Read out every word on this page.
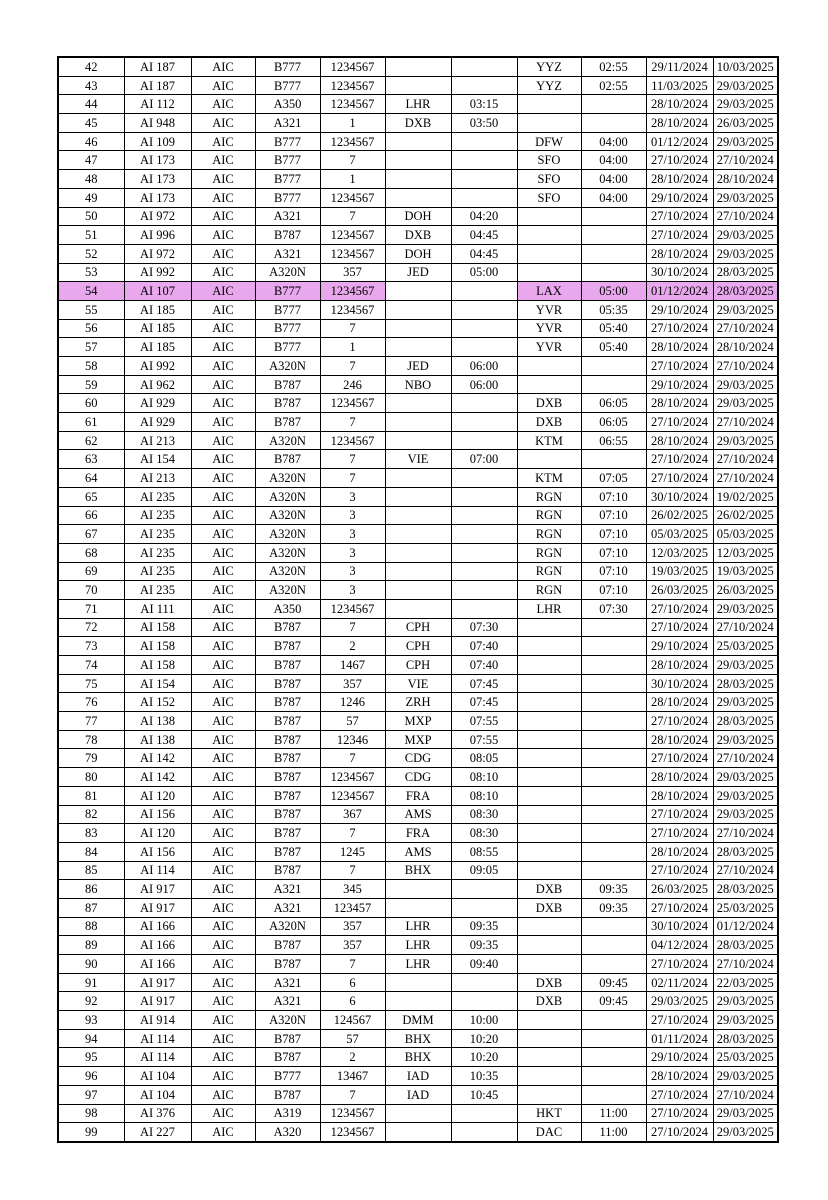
42	AI 187	AIC	B777	1234567			YYZ	02:55	29/11/2024	10/03/2025
43	AI 187	AIC	B777	1234567			YYZ	02:55	11/03/2025	29/03/2025
44	AI 112	AIC	A350	1234567	LHR	03:15			28/10/2024	29/03/2025
45	AI 948	AIC	A321	1	DXB	03:50			28/10/2024	26/03/2025
46	AI 109	AIC	B777	1234567			DFW	04:00	01/12/2024	29/03/2025
47	AI 173	AIC	B777	7			SFO	04:00	27/10/2024	27/10/2024
48	AI 173	AIC	B777	1			SFO	04:00	28/10/2024	28/10/2024
49	AI 173	AIC	B777	1234567			SFO	04:00	29/10/2024	29/03/2025
50	AI 972	AIC	A321	7	DOH	04:20			27/10/2024	27/10/2024
51	AI 996	AIC	B787	1234567	DXB	04:45			27/10/2024	29/03/2025
52	AI 972	AIC	A321	1234567	DOH	04:45			28/10/2024	29/03/2025
53	AI 992	AIC	A320N	357	JED	05:00			30/10/2024	28/03/2025
54	AI 107	AIC	B777	1234567			LAX	05:00	01/12/2024	28/03/2025
55	AI 185	AIC	B777	1234567			YVR	05:35	29/10/2024	29/03/2025
56	AI 185	AIC	B777	7			YVR	05:40	27/10/2024	27/10/2024
57	AI 185	AIC	B777	1			YVR	05:40	28/10/2024	28/10/2024
58	AI 992	AIC	A320N	7	JED	06:00			27/10/2024	27/10/2024
59	AI 962	AIC	B787	246	NBO	06:00			29/10/2024	29/03/2025
60	AI 929	AIC	B787	1234567			DXB	06:05	28/10/2024	29/03/2025
61	AI 929	AIC	B787	7			DXB	06:05	27/10/2024	27/10/2024
62	AI 213	AIC	A320N	1234567			KTM	06:55	28/10/2024	29/03/2025
63	AI 154	AIC	B787	7	VIE	07:00			27/10/2024	27/10/2024
64	AI 213	AIC	A320N	7			KTM	07:05	27/10/2024	27/10/2024
65	AI 235	AIC	A320N	3			RGN	07:10	30/10/2024	19/02/2025
66	AI 235	AIC	A320N	3			RGN	07:10	26/02/2025	26/02/2025
67	AI 235	AIC	A320N	3			RGN	07:10	05/03/2025	05/03/2025
68	AI 235	AIC	A320N	3			RGN	07:10	12/03/2025	12/03/2025
69	AI 235	AIC	A320N	3			RGN	07:10	19/03/2025	19/03/2025
70	AI 235	AIC	A320N	3			RGN	07:10	26/03/2025	26/03/2025
71	AI 111	AIC	A350	1234567			LHR	07:30	27/10/2024	29/03/2025
72	AI 158	AIC	B787	7	CPH	07:30			27/10/2024	27/10/2024
73	AI 158	AIC	B787	2	CPH	07:40			29/10/2024	25/03/2025
74	AI 158	AIC	B787	1467	CPH	07:40			28/10/2024	29/03/2025
75	AI 154	AIC	B787	357	VIE	07:45			30/10/2024	28/03/2025
76	AI 152	AIC	B787	1246	ZRH	07:45			28/10/2024	29/03/2025
77	AI 138	AIC	B787	57	MXP	07:55			27/10/2024	28/03/2025
78	AI 138	AIC	B787	12346	MXP	07:55			28/10/2024	29/03/2025
79	AI 142	AIC	B787	7	CDG	08:05			27/10/2024	27/10/2024
80	AI 142	AIC	B787	1234567	CDG	08:10			28/10/2024	29/03/2025
81	AI 120	AIC	B787	1234567	FRA	08:10			28/10/2024	29/03/2025
82	AI 156	AIC	B787	367	AMS	08:30			27/10/2024	29/03/2025
83	AI 120	AIC	B787	7	FRA	08:30			27/10/2024	27/10/2024
84	AI 156	AIC	B787	1245	AMS	08:55			28/10/2024	28/03/2025
85	AI 114	AIC	B787	7	BHX	09:05			27/10/2024	27/10/2024
86	AI 917	AIC	A321	345			DXB	09:35	26/03/2025	28/03/2025
87	AI 917	AIC	A321	123457			DXB	09:35	27/10/2024	25/03/2025
88	AI 166	AIC	A320N	357	LHR	09:35			30/10/2024	01/12/2024
89	AI 166	AIC	B787	357	LHR	09:35			04/12/2024	28/03/2025
90	AI 166	AIC	B787	7	LHR	09:40			27/10/2024	27/10/2024
91	AI 917	AIC	A321	6			DXB	09:45	02/11/2024	22/03/2025
92	AI 917	AIC	A321	6			DXB	09:45	29/03/2025	29/03/2025
93	AI 914	AIC	A320N	124567	DMM	10:00			27/10/2024	29/03/2025
94	AI 114	AIC	B787	57	BHX	10:20			01/11/2024	28/03/2025
95	AI 114	AIC	B787	2	BHX	10:20			29/10/2024	25/03/2025
96	AI 104	AIC	B777	13467	IAD	10:35			28/10/2024	29/03/2025
97	AI 104	AIC	B787	7	IAD	10:45			27/10/2024	27/10/2024
98	AI 376	AIC	A319	1234567			HKT	11:00	27/10/2024	29/03/2025
99	AI 227	AIC	A320	1234567			DAC	11:00	27/10/2024	29/03/2025
